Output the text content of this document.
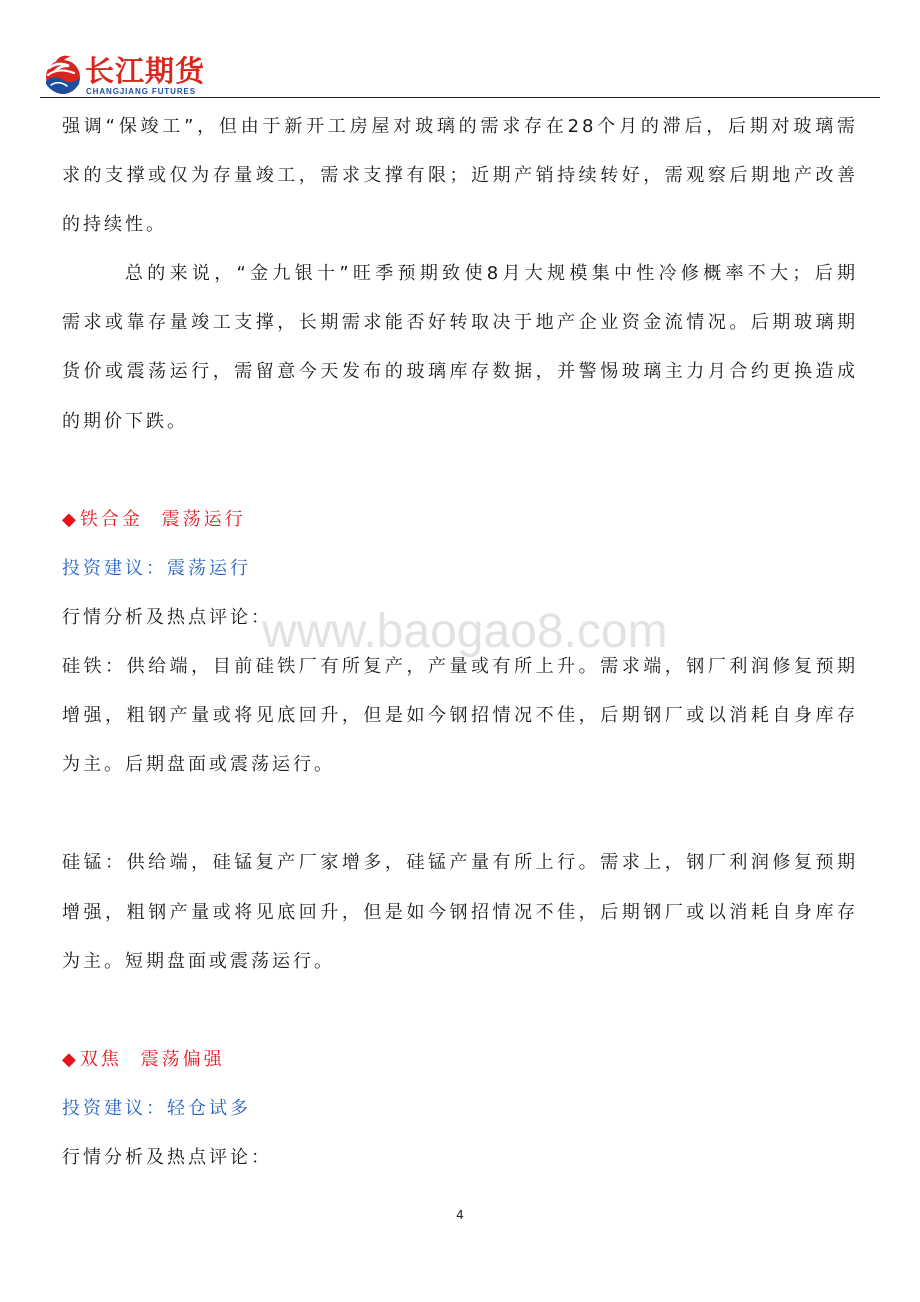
长江期货
CHANGJIANG FUTURES
www.baogao8.com
强调“保竣工”，但由于新开工房屋对玻璃的需求存在28个月的滞后，后期对玻璃需
求的支撑或仅为存量竣工，需求支撑有限；近期产销持续转好，需观察后期地产改善
的持续性。
总的来说，“金九银十”旺季预期致使8月大规模集中性冷修概率不大；后期
需求或靠存量竣工支撑，长期需求能否好转取决于地产企业资金流情况。后期玻璃期
货价或震荡运行，需留意今天发布的玻璃库存数据，并警惕玻璃主力月合约更换造成
的期价下跌。
◆铁合金 震荡运行
投资建议：震荡运行
行情分析及热点评论：
硅铁：供给端，目前硅铁厂有所复产，产量或有所上升。需求端，钢厂利润修复预期
增强，粗钢产量或将见底回升，但是如今钢招情况不佳，后期钢厂或以消耗自身库存
为主。后期盘面或震荡运行。
硅锰：供给端，硅锰复产厂家增多，硅锰产量有所上行。需求上，钢厂利润修复预期
增强，粗钢产量或将见底回升，但是如今钢招情况不佳，后期钢厂或以消耗自身库存
为主。短期盘面或震荡运行。
◆双焦 震荡偏强
投资建议：轻仓试多
行情分析及热点评论：
4
